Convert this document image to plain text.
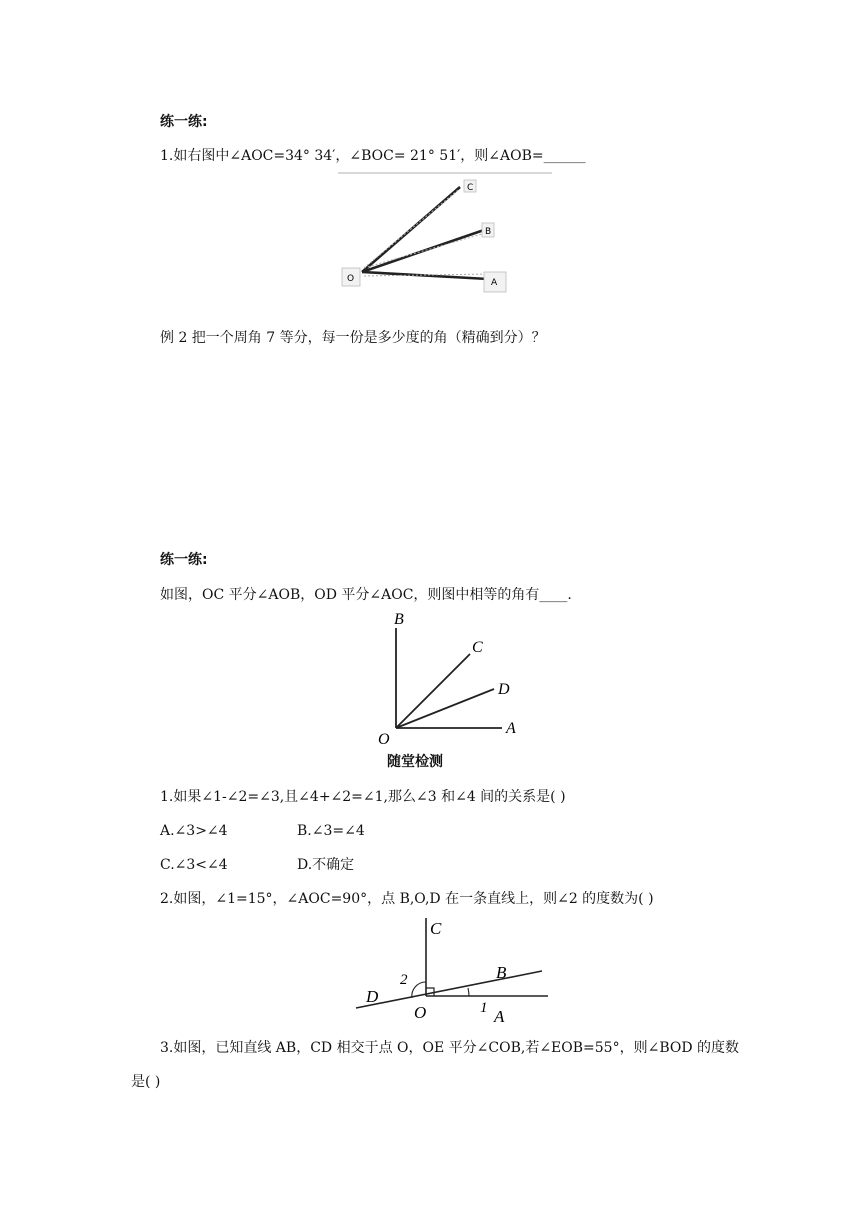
练一练:
1.如右图中∠AOC=34° 34′，∠BOC= 21° 51′，则∠AOB=______
C
B
O	A
例 2 把一个周角 7 等分，每一份是多少度的角（精确到分）？
练一练:
如图，OC 平分∠AOB，OD 平分∠AOC，则图中相等的角有____.
B
C
D
O
A
随堂检测
1.如果∠1-∠2=∠3,且∠4+∠2=∠1,那么∠3 和∠4 间的关系是( )
A.∠3>∠4	B.∠3=∠4
C.∠3<∠4	D.不确定
2.如图，∠1=15°，∠AOC=90°，点 B,O,D 在一条直线上，则∠2 的度数为( )
C
B
D
O	A
1
2
3.如图，已知直线 AB，CD 相交于点 O，OE 平分∠COB,若∠EOB=55°，则∠BOD 的度数
是( )
